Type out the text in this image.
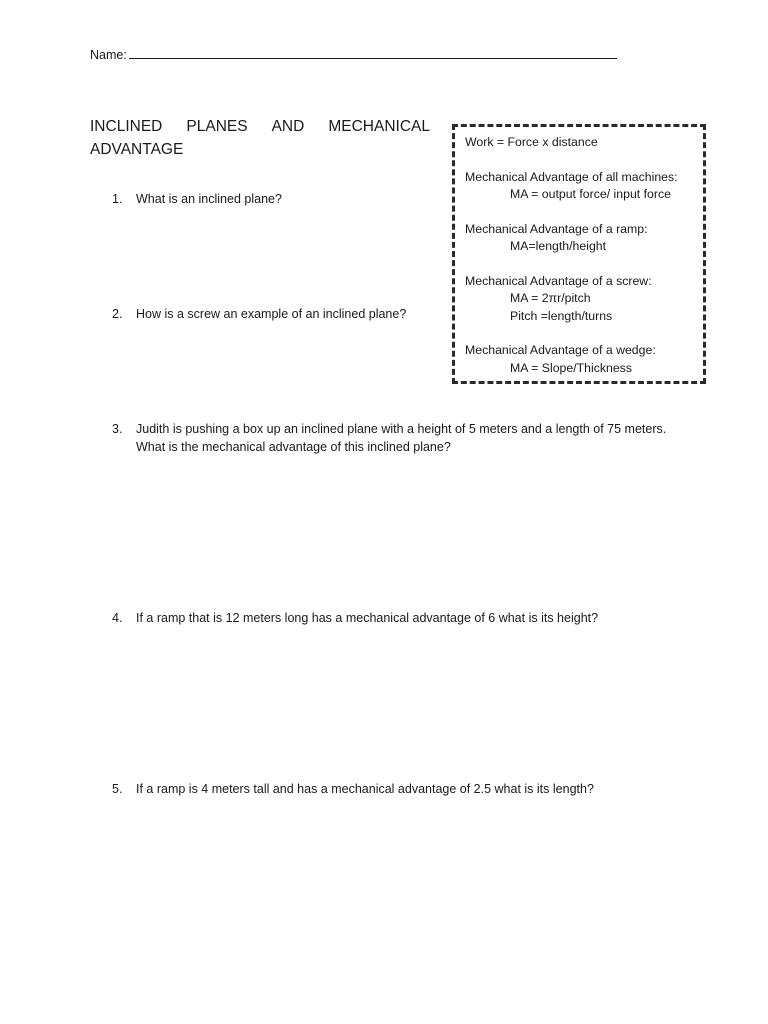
Name:
INCLINED PLANES AND MECHANICAL
ADVANTAGE
1.	What is an inclined plane?
2.	How is a screw an example of an inclined plane?
3.	Judith is pushing a box up an inclined plane with a height of 5 meters and a length of 75 meters. What is the mechanical advantage of this inclined plane?
4.	If a ramp that is 12 meters long has a mechanical advantage of 6 what is its height?
5.	If a ramp is 4 meters tall and has a mechanical advantage of 2.5 what is its length?
Work = Force x distance
Mechanical Advantage of all machines:
MA = output force/ input force
Mechanical Advantage of a ramp:
MA=length/height
Mechanical Advantage of a screw:
MA = 2πr/pitch
Pitch =length/turns
Mechanical Advantage of a wedge:
MA = Slope/Thickness
